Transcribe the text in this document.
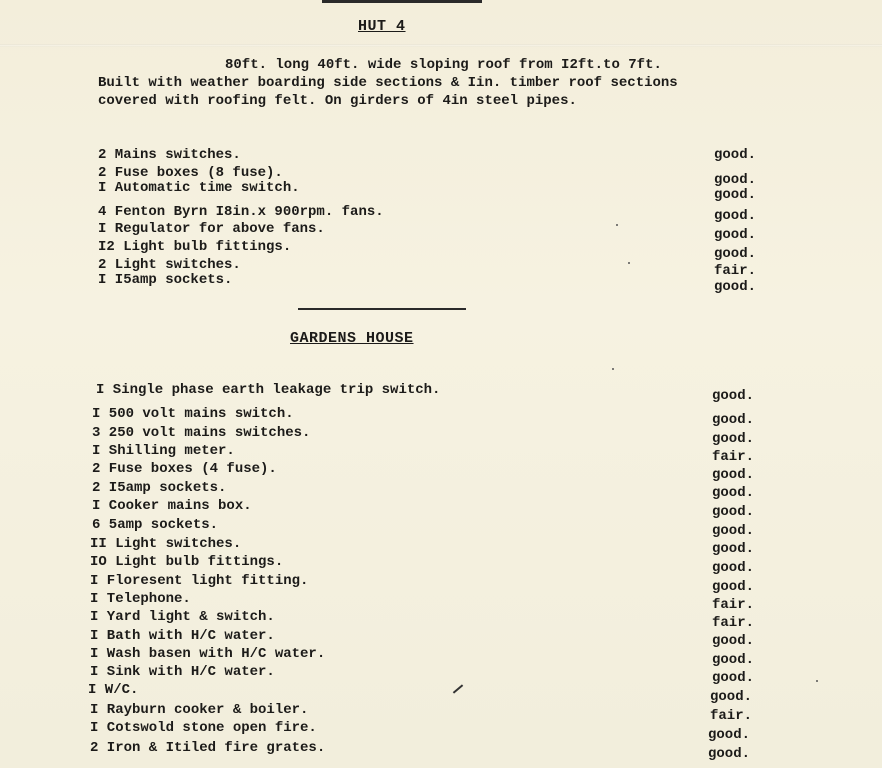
HUT 4
80ft. long 40ft. wide sloping roof from I2ft.to 7ft.
Built with weather boarding side sections & Iin. timber roof sections
covered with roofing felt. On girders of 4in steel pipes.
2 Mains switches.	good.
2 Fuse boxes (8 fuse).	good.
I Automatic time switch.	good.
4 Fenton Byrn I8in.x 900rpm. fans.	good.
I Regulator for above fans.	good.
I2 Light bulb fittings.	good.
2 Light switches.	fair.
I I5amp sockets.	good.
GARDENS HOUSE
I Single phase earth leakage trip switch.	good.
I 500 volt mains switch.	good.
3 250 volt mains switches.	good.
I Shilling meter.	fair.
2 Fuse boxes (4 fuse).	good.
2 I5amp sockets.	good.
I Cooker mains box.	good.
6 5amp sockets.	good.
II Light switches.	good.
IO Light bulb fittings.	good.
I Floresent light fitting.	good.
I Telephone.	fair.
I Yard light & switch.	fair.
I Bath with H/C water.	good.
I Wash basen with H/C water.	good.
I Sink with H/C water.	good.
I W/C.	good.
I Rayburn cooker & boiler.	fair.
I Cotswold stone open fire.	good.
2 Iron & Itiled fire grates.	good.
